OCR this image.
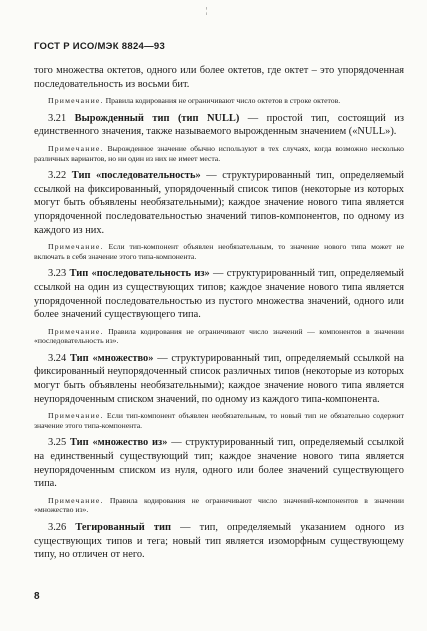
¦
ГОСТ Р ИСО/МЭК 8824—93
того множества октетов, одного или более октетов, где октет – это упорядоченная последовательность из восьми бит.
Примечание. Правила кодирования не ограничивают число октетов в строке октетов.
3.21 Вырожденный тип (тип NULL) — простой тип, состоящий из единственного значения, также называемого вырожденным значением («NULL»).
Примечание. Вырожденное значение обычно используют в тех случаях, когда возможно несколько различных вариантов, но ни один из них не имеет места.
3.22 Тип «последовательность» — структурированный тип, определяемый ссылкой на фиксированный, упорядоченный список типов (некоторые из которых могут быть объявлены необязательными); каждое значение нового типа является упорядоченной последовательностью значений типов-компонентов, по одному из каждого из них.
Примечание. Если тип-компонент объявлен необязательным, то значение нового типа может не включать в себя значение этого типа-компонента.
3.23 Тип «последовательность из» — структурированный тип, определяемый ссылкой на один из существующих типов; каждое значение нового типа является упорядоченной последовательностью из пустого множества значений, одного или более значений существующего типа.
Примечание. Правила кодирования не ограничивают число значений — компонентов в значении «последовательность из».
3.24 Тип «множество» — структурированный тип, определяемый ссылкой на фиксированный неупорядоченный список различных типов (некоторые из которых могут быть объявлены необязательными); каждое значение нового типа является неупорядоченным списком значений, по одному из каждого типа-компонента.
Примечание. Если тип-компонент объявлен необязательным, то новый тип не обязательно содержит значение этого типа-компонента.
3.25 Тип «множество из» — структурированный тип, определяемый ссылкой на единственный существующий тип; каждое значение нового типа является неупорядоченным списком из нуля, одного или более значений существующего типа.
Примечание. Правила кодирования не ограничивают число значений-компонентов в значении «множество из».
3.26 Тегированный тип — тип, определяемый указанием одного из существующих типов и тега; новый тип является изоморфным существующему типу, но отличен от него.
8
